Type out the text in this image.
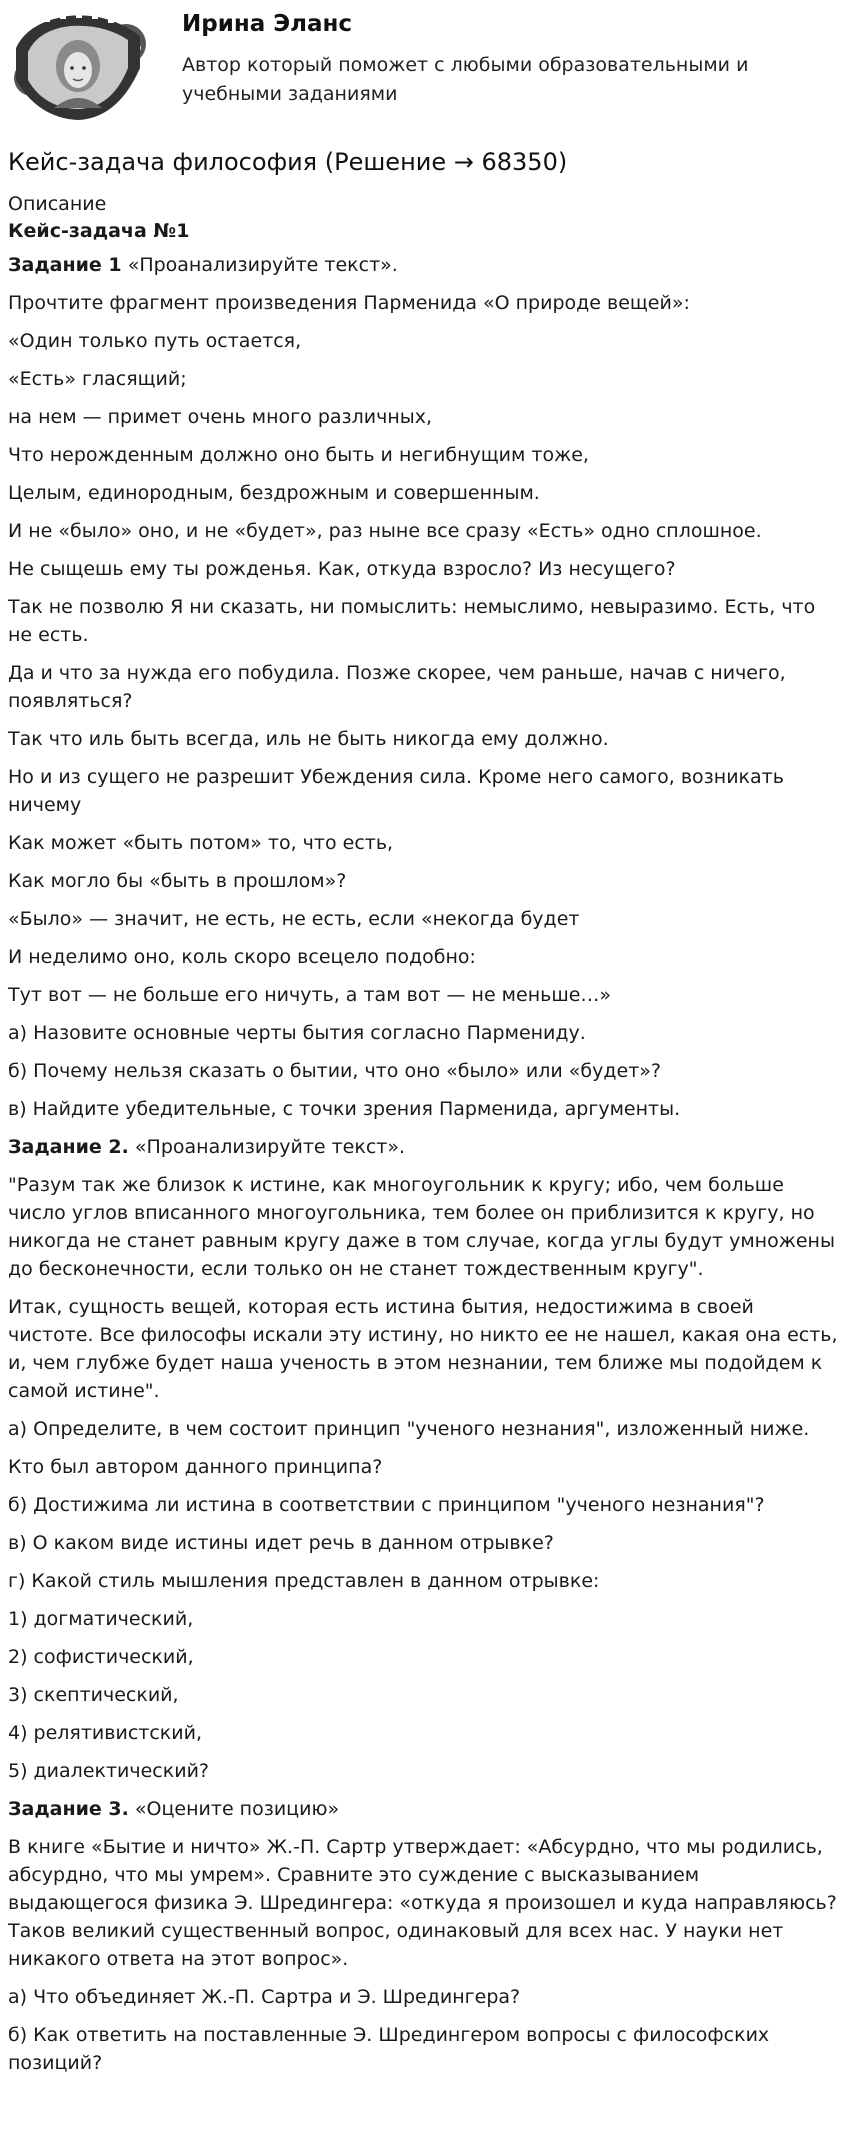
Ирина Эланс

Автор который поможет с любыми образовательными и учебными заданиями

Кейс-задача философия (Решение → 68350)
Описание
Кейс-задача №1

Задание 1 «Проанализируйте текст».

Прочтите фрагмент произведения Парменида «О природе вещей»:

«Один только путь остается,

«Есть» гласящий;

на нем — примет очень много различных,

Что нерожденным должно оно быть и негибнущим тоже,

Целым, единородным, бездрожным и совершенным.

И не «было» оно, и не «будет», раз ныне все сразу «Есть» одно сплошное.

Не сыщешь ему ты рожденья. Как, откуда взросло? Из несущего?

Так не позволю Я ни сказать, ни помыслить: немыслимо, невыразимо. Есть, что не есть.

Да и что за нужда его побудила. Позже скорее, чем раньше, начав с ничего, появляться?

Так что иль быть всегда, иль не быть никогда ему должно.

Но и из сущего не разрешит Убеждения сила. Кроме него самого, возникать ничему

Как может «быть потом» то, что есть,

Как могло бы «быть в прошлом»?

«Было» — значит, не есть, не есть, если «некогда будет

И неделимо оно, коль скоро всецело подобно:

Тут вот — не больше его ничуть, а там вот — не меньше…»

а) Назовите основные черты бытия согласно Пармениду.

б) Почему нельзя сказать о бытии, что оно «было» или «будет»?

в) Найдите убедительные, с точки зрения Парменида, аргументы.

Задание 2. «Проанализируйте текст».

"Разум так же близок к истине, как многоугольник к кругу; ибо, чем больше число углов вписанного многоугольника, тем более он приблизится к кругу, но никогда не станет равным кругу даже в том случае, когда углы будут умножены до бесконечности, если только он не станет тождественным кругу".

Итак, сущность вещей, которая есть истина бытия, недостижима в своей чистоте. Все философы искали эту истину, но никто ее не нашел, какая она есть, и, чем глубже будет наша ученость в этом незнании, тем ближе мы подойдем к самой истине".

а) Определите, в чем состоит принцип "ученого незнания", изложенный ниже.

Кто был автором данного принципа?

б) Достижима ли истина в соответствии с принципом "ученого незнания"?

в) О каком виде истины идет речь в данном отрывке?

г) Какой стиль мышления представлен в данном отрывке:

1) догматический,

2) софистический,

3) скептический,

4) релятивистский,

5) диалектический?

Задание 3. «Оцените позицию»

В книге «Бытие и ничто» Ж.-П. Сартр утверждает: «Абсурдно, что мы родились, абсурдно, что мы умрем». Сравните это суждение с высказыванием выдающегося физика Э. Шредингера: «откуда я произошел и куда направляюсь? Таков великий существенный вопрос, одинаковый для всех нас. У науки нет никакого ответа на этот вопрос».

а) Что объединяет Ж.-П. Сартра и Э. Шредингера?

б) Как ответить на поставленные Э. Шредингером вопросы с философских позиций?
